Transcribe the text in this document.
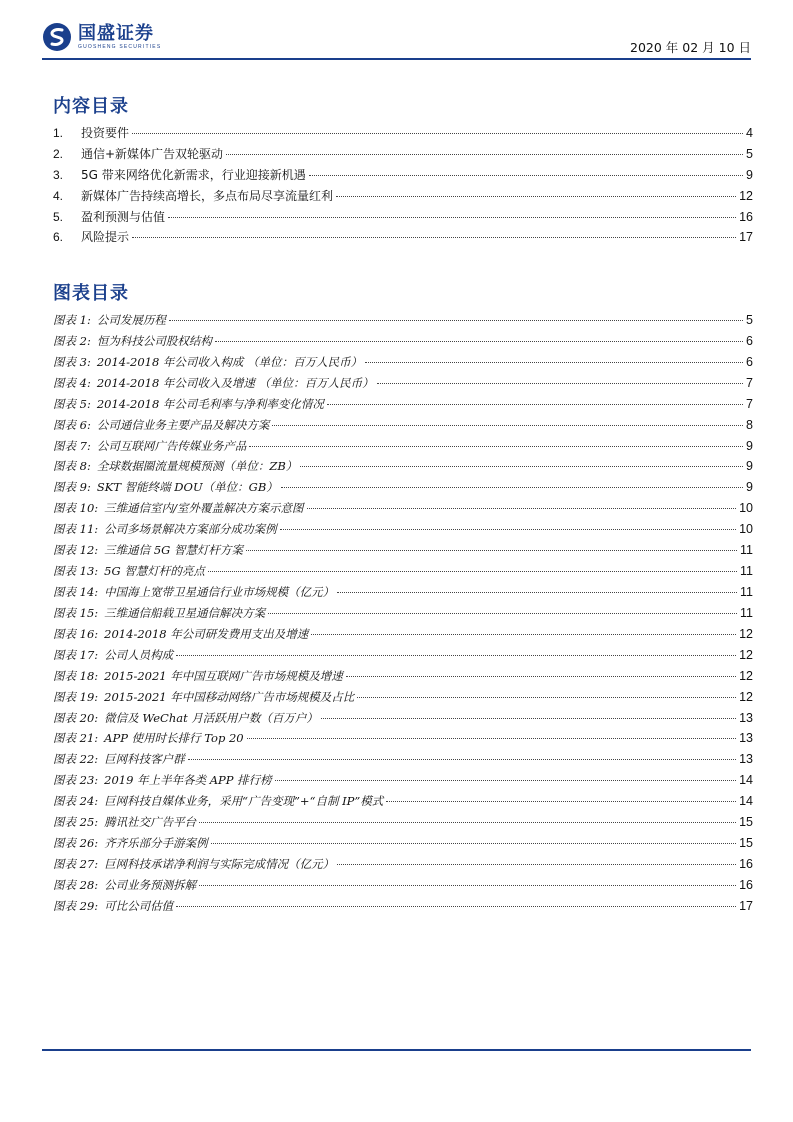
国盛证券
GUOSHENG SECURITIES	2020 年 02 月 10 日
内容目录
1.	投资要件	4
2.	通信+新媒体广告双轮驱动	5
3.	5G 带来网络优化新需求，行业迎接新机遇	9
4.	新媒体广告持续高增长，多点布局尽享流量红利	12
5.	盈利预测与估值	16
6.	风险提示	17
图表目录
图表 1: 公司发展历程	5
图表 2: 恒为科技公司股权结构	6
图表 3: 2014-2018 年公司收入构成 （单位：百万人民币）	6
图表 4: 2014-2018 年公司收入及增速 （单位：百万人民币）	7
图表 5: 2014-2018 年公司毛利率与净利率变化情况	7
图表 6: 公司通信业务主要产品及解决方案	8
图表 7: 公司互联网广告传媒业务产品	9
图表 8: 全球数据圈流量规模预测（单位：ZB）	9
图表 9: SKT 智能终端 DOU（单位：GB）	9
图表 10: 三维通信室内/室外覆盖解决方案示意图	10
图表 11: 公司多场景解决方案部分成功案例	10
图表 12: 三维通信 5G 智慧灯杆方案	11
图表 13: 5G 智慧灯杆的亮点	11
图表 14: 中国海上宽带卫星通信行业市场规模（亿元）	11
图表 15: 三维通信船载卫星通信解决方案	11
图表 16: 2014-2018 年公司研发费用支出及增速	12
图表 17: 公司人员构成	12
图表 18: 2015-2021 年中国互联网广告市场规模及增速	12
图表 19: 2015-2021 年中国移动网络广告市场规模及占比	12
图表 20: 微信及 WeChat 月活跃用户数（百万户）	13
图表 21: APP 使用时长排行 Top 20	13
图表 22: 巨网科技客户群	13
图表 23: 2019 年上半年各类 APP 排行榜	14
图表 24: 巨网科技自媒体业务，采用“广告变现”+“自制 IP”模式	14
图表 25: 腾讯社交广告平台	15
图表 26: 齐齐乐部分手游案例	15
图表 27: 巨网科技承诺净利润与实际完成情况（亿元）	16
图表 28: 公司业务预测拆解	16
图表 29: 可比公司估值	17
